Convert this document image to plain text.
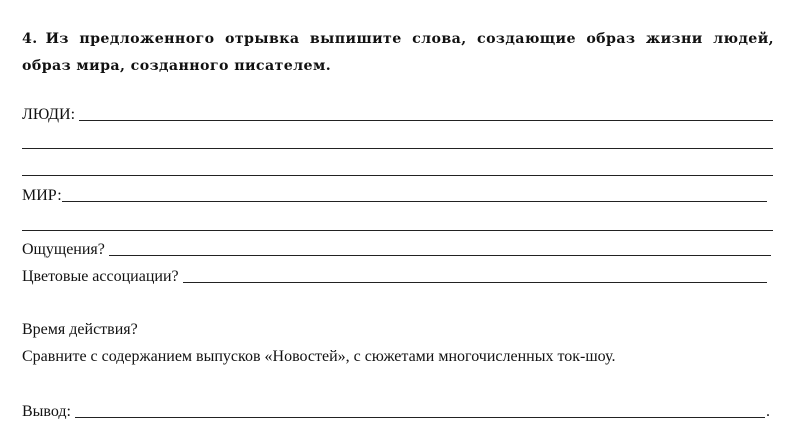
4. Из предложенного отрывка выпишите слова, создающие образ жизни людей, образ мира, созданного писателем.

ЛЮДИ:
МИР:
Ощущения?
Цветовые ассоциации?
Время действия?
Сравните с содержанием выпусков «Новостей», с сюжетами многочисленных ток-шоу.
Вывод:	.
